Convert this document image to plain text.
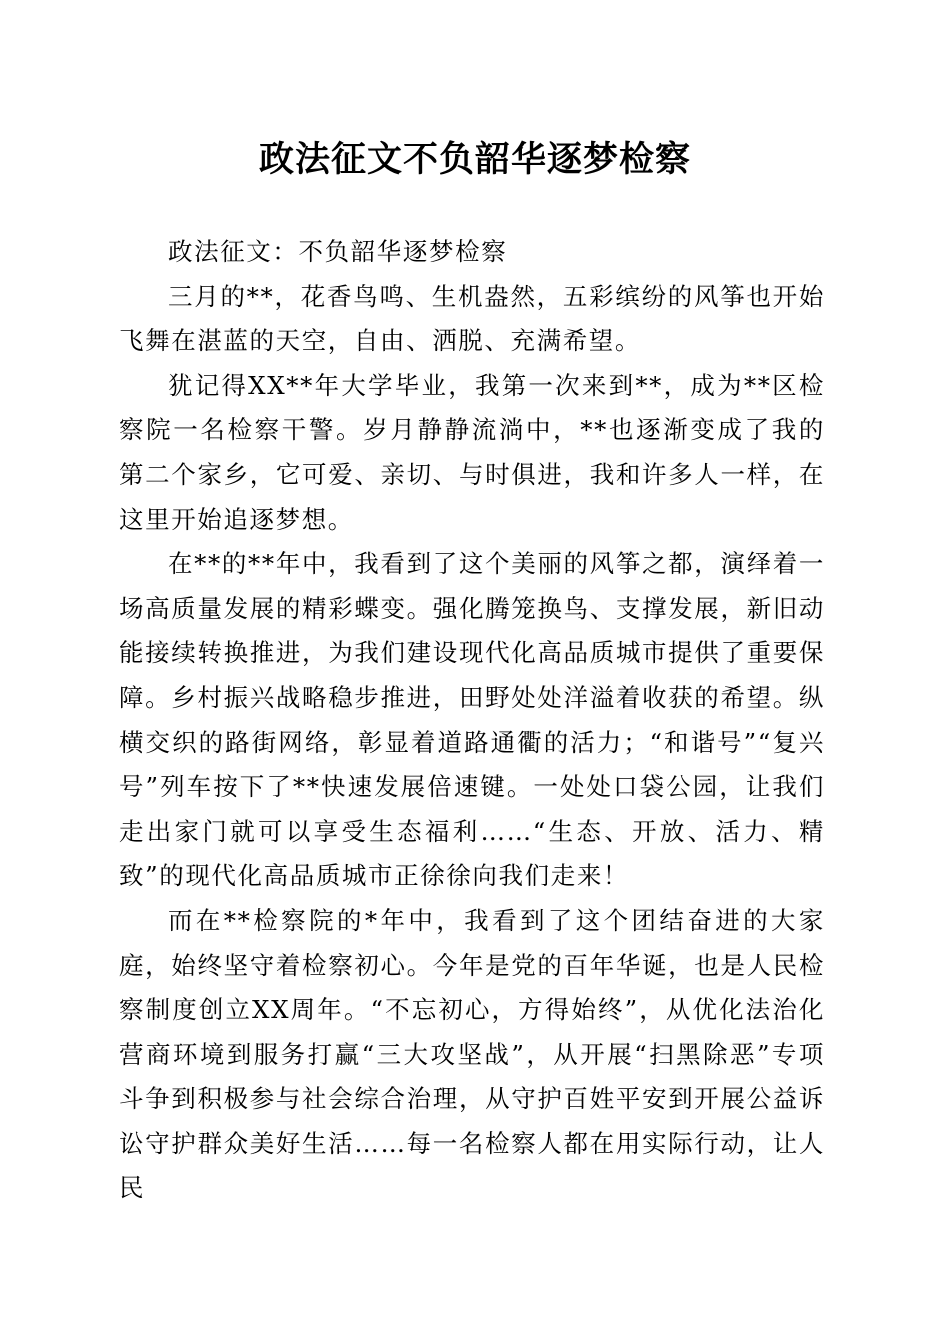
政法征文不负韶华逐梦检察

政法征文：不负韶华逐梦检察

三月的**，花香鸟鸣、生机盎然，五彩缤纷的风筝也开始飞舞在湛蓝的天空，自由、洒脱、充满希望。

犹记得XX**年大学毕业，我第一次来到**，成为**区检察院一名检察干警。岁月静静流淌中，**也逐渐变成了我的第二个家乡，它可爱、亲切、与时俱进，我和许多人一样，在这里开始追逐梦想。

在**的**年中，我看到了这个美丽的风筝之都，演绎着一场高质量发展的精彩蝶变。强化腾笼换鸟、支撑发展，新旧动能接续转换推进，为我们建设现代化高品质城市提供了重要保障。乡村振兴战略稳步推进，田野处处洋溢着收获的希望。纵横交织的路街网络，彰显着道路通衢的活力；“和谐号”“复兴号”列车按下了**快速发展倍速键。一处处口袋公园，让我们走出家门就可以享受生态福利……“生态、开放、活力、精致”的现代化高品质城市正徐徐向我们走来！

而在**检察院的*年中，我看到了这个团结奋进的大家庭，始终坚守着检察初心。今年是党的百年华诞，也是人民检察制度创立XX周年。“不忘初心，方得始终”，从优化法治化营商环境到服务打赢“三大攻坚战”，从开展“扫黑除恶”专项斗争到积极参与社会综合治理，从守护百姓平安到开展公益诉讼守护群众美好生活……每一名检察人都在用实际行动，让人民
